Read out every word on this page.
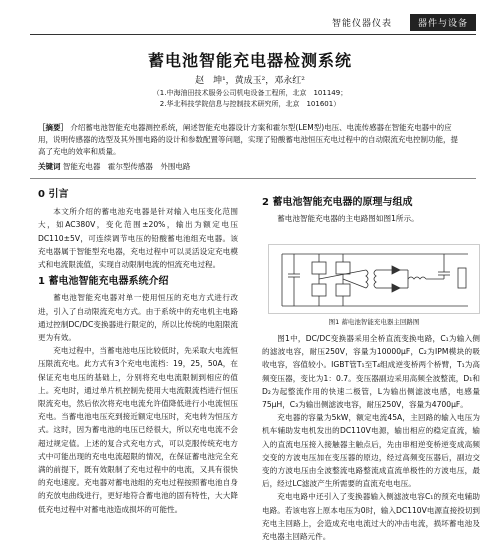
智能仪器仪表	器件与设备
蓄电池智能充电器检测系统
赵　坤¹，黄成玉²，邓永红²
（1.中海油田技术服务公司机电设备工程所，北京　101149；
2.华北科技学院信息与控制技术研究所，北京　101601）
［摘要］ 介绍蓄电池智能充电器测控系统，阐述智能充电器设计方案和霍尔型(LEM型)电压、电流传感器在智能充电器中的应用，说明传感器的选型及其外围电路的设计和参数配置等问题，实现了铅酸蓄电池恒压充电过程中的自动限流充电控制功能，提高了充电的效率和质量。
关键词 智能充电器　霍尔型传感器　外围电路
0 引言

本文所介绍的蓄电池充电器是针对输入电压变化范围大，如AC380V，变化范围±20%，输出为额定电压DC110±5V，可连续调节电压的铅酸蓄电池组充电器。该充电器属于智能型充电器，充电过程中可以灵活设定充电模式和电流限流值，实现自动限制电流的恒流充电过程。

1 蓄电池智能充电器系统介绍

蓄电池智能充电器对单一使用恒压的充电方式进行改进，引入了自动限流充电方式。由于系统中的充电机主电路通过控制DC/DC变换器进行限定的，所以比传统的电阻限流更为有效。

充电过程中，当蓄电池电压比较低时，先采取大电流恒压限流充电。此方式有3个充电电流档：19，25，50A，在保证充电电压的基础上，分别将充电电流限制到相应的值上。充电时，通过单片机控制先使用大电流限流档进行恒压限流充电，然后依次将充电电流允许值降低进行小电流恒压充电。当蓄电池电压充到接近额定电压时，充电转为恒压方式。这时，因为蓄电池的电压已经很大，所以充电电流不会超过规定值。上述的复合式充电方式，可以克服传统充电方式中可能出现的充电电流超限的情况，在保证蓄电池完全充满的前提下，既有效限制了充电过程中的电流，又具有很快的充电速度。充电器对蓄电池组的充电过程按照蓄电池自身的充放电曲线进行，更好地符合蓄电池的固有特性，大大降低充电过程中对蓄电池造成损坏的可能性。

2 蓄电池智能充电器的原理与组成

蓄电池智能充电器的主电路图如图1所示。

图1 蓄电池智能充电器主回路图

图1中，DC/DC变换器采用全桥直流变换电路，C₁为输入侧的滤波电容，耐压250V，容量为10000μF，C₂为IPM模块的吸收电容，容值较小。IGBT管T₁至T₄组成逆变桥两个桥臂，T₁为高频变压器，变比为1：0.7。变压器副边采用高频全波整流，D₁和D₂为起整流作用的快速二极管，L为输出侧滤波电感，电感量75μH，C₃为输出侧滤波电容，耐压250V，容量为4700μF。

充电器的容量为5kW，额定电流45A，主回路的输入电压为机车辅助发电机发出的DC110V电源，输出相应的稳定直流，输入的直流电压接入接触器主触点后，先由串相逆变桥逆变成高频交变的方波电压加在变压器的原边，经过高频变压器后，副边交变的方波电压由全波整流电路整流成直流单极性的方波电压，最后，经过LC滤波产生所需要的直流充电电压。

充电电路中还引入了变换器输入侧滤波电容C₁的预充电辅助电路。若该电容上原本电压为0时，输入DC110V电源直接投切到充电主回路上，会造成充电电流过大的冲击电流，损坏蓄电池及充电器主回路元件。
